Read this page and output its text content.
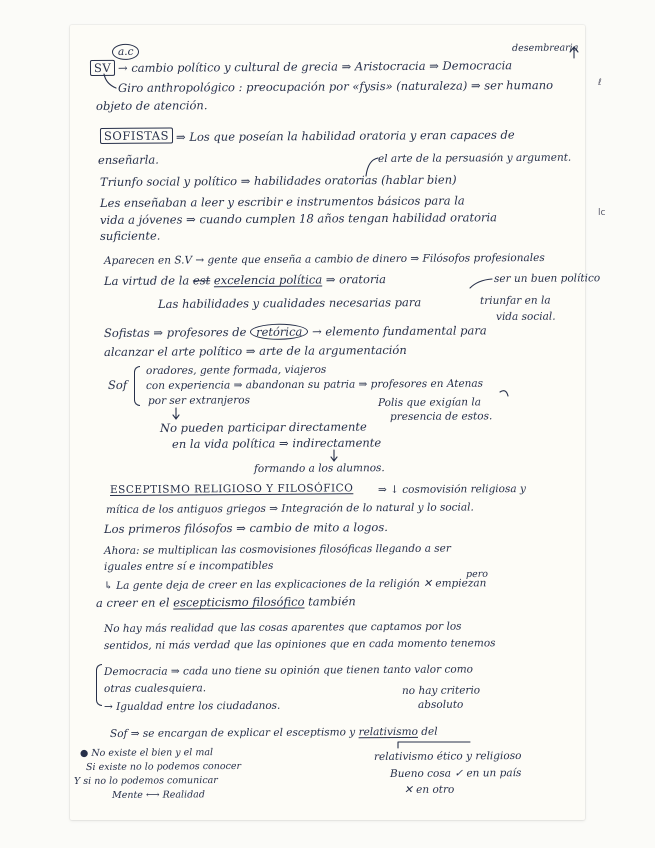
ℓ
lc
a.c	desembrearia
SV → cambio político y cultural de grecia ⇒ Aristocracia ⇒ Democracia
Giro anthropológico : preocupación por «fysis» (naturaleza) ⇒ ser humano
objeto de atención.
SOFISTAS ⇒ Los que poseían la habilidad oratoria y eran capaces de
enseñarla.	el arte de la persuasión y argument.
Triunfo social y político ⇒ habilidades oratorias (hablar bien)
Les enseñaban a leer y escribir e instrumentos básicos para la
vida a jóvenes ⇒ cuando cumplen 18 años tengan habilidad oratoria
suficiente.
Aparecen en S.V → gente que enseña a cambio de dinero ⇒ Filósofos profesionales
La virtud de la est excelencia política ⇒ oratoria	ser un buen político
Las habilidades y cualidades necesarias para	triunfar en la
vida social.
Sofistas ⇒ profesores de retórica → elemento fundamental para
alcanzar el arte político ⇒ arte de la argumentación
Sof
oradores, gente formada, viajeros
con experiencia ⇒ abandonan su patria ⇒ profesores en Atenas
por ser extranjeros	Polis que exigían la
presencia de estos.
No pueden participar directamente
en la vida política ⇒ indirectamente
formando a los alumnos.
ESCEPTISMO RELIGIOSO Y FILOSÓFICO ⇒ ↓ cosmovisión religiosa y
mítica de los antiguos griegos ⇒ Integración de lo natural y lo social.
Los primeros filósofos ⇒ cambio de mito a logos.
Ahora: se multiplican las cosmovisiones filosóficas llegando a ser
iguales entre sí e incompatibles
pero
↳ La gente deja de creer en las explicaciones de la religión ✕ empiezan
a creer en el escepticismo filosófico también
No hay más realidad que las cosas aparentes que captamos por los
sentidos, ni más verdad que las opiniones que en cada momento tenemos
Democracia ⇒ cada uno tiene su opinión que tienen tanto valor como
otras cualesquiera.	no hay criterio
absoluto
→ Igualdad entre los ciudadanos.
Sof ⇒ se encargan de explicar el esceptismo y relativismo del
● No existe el bien y el mal
Si existe no lo podemos conocer
Y si no lo podemos comunicar
Mente ⟷ Realidad
relativismo ético y religioso
Bueno cosa ✓ en un país
✕ en otro
